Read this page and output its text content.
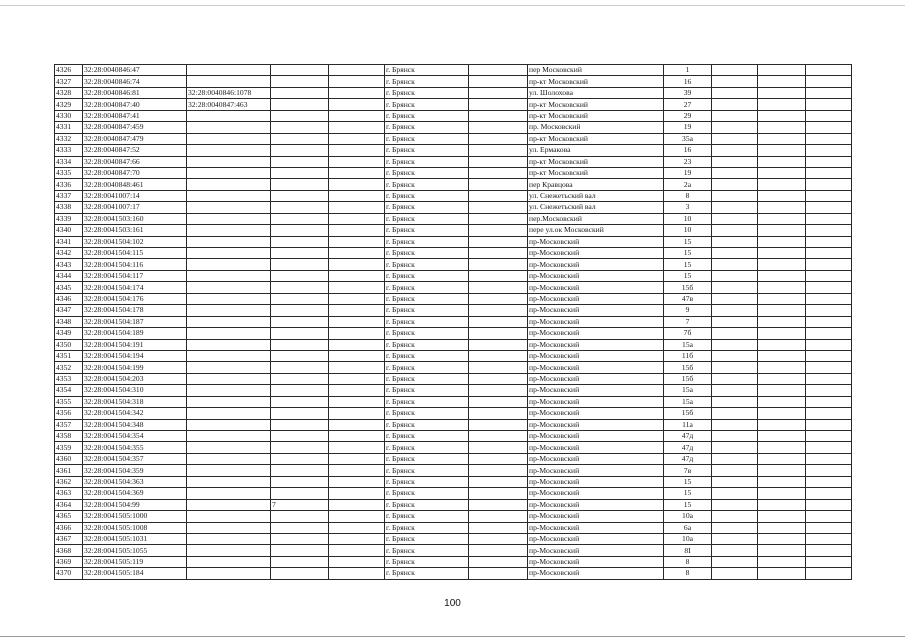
4326	32:28:0040846:47				г. Брянск		пер Московский	1			
4327	32:28:0040846:74				г. Брянск		пр-кт Московский	16			
4328	32:28:0040846:81	32:28:0040846:1078			г. Брянск		ул. Шолохова	39			
4329	32:28:0040847:40	32:28:0040847:463			г. Брянск		пр-кт Московский	27			
4330	32:28:0040847:41				г. Брянск		пр-кт Московский	29			
4331	32:28:0040847:459				г. Брянск		пр. Московский	19			
4332	32:28:0040847:479				г. Брянск		пр-кт Московский	35а			
4333	32:28:0040847:52				г. Брянск		ул. Ермакова	16			
4334	32:28:0040847:66				г. Брянск		пр-кт Московский	23			
4335	32:28:0040847:70				г. Брянск		пр-кт Московский	19			
4336	32:28:0040848:461				г. Брянск		пер Кравцова	2а			
4337	32:28:0041007:14				г. Брянск		ул. Снежетьский вал	8			
4338	32:28:0041007:17				г. Брянск		ул. Снежетьский вал	3			
4339	32:28:0041503:160				г. Брянск		пер.Московский	10			
4340	32:28:0041503:161				г. Брянск		пере ул.ок Московский	10			
4341	32:28:0041504:102				г. Брянск		пр-Московский	15			
4342	32:28:0041504:115				г. Брянск		пр-Московский	15			
4343	32:28:0041504:116				г. Брянск		пр-Московский	15			
4344	32:28:0041504:117				г. Брянск		пр-Московский	15			
4345	32:28:0041504:174				г. Брянск		пр-Московский	15б			
4346	32:28:0041504:176				г. Брянск		пр-Московский	47в			
4347	32:28:0041504:178				г. Брянск		пр-Московский	9			
4348	32:28:0041504:187				г. Брянск		пр-Московский	7			
4349	32:28:0041504:189				г. Брянск		пр-Московский	7б			
4350	32:28:0041504:191				г. Брянск		пр-Московский	15а			
4351	32:28:0041504:194				г. Брянск		пр-Московский	11б			
4352	32:28:0041504:199				г. Брянск		пр-Московский	15б			
4353	32:28:0041504:203				г. Брянск		пр-Московский	15б			
4354	32:28:0041504:310				г. Брянск		пр-Московский	15а			
4355	32:28:0041504:318				г. Брянск		пр-Московский	15а			
4356	32:28:0041504:342				г. Брянск		пр-Московский	15б			
4357	32:28:0041504:348				г. Брянск		пр-Московский	11а			
4358	32:28:0041504:354				г. Брянск		пр-Московский	47д			
4359	32:28:0041504:355				г. Брянск		пр-Московский	47д			
4360	32:28:0041504:357				г. Брянск		пр-Московский	47д			
4361	32:28:0041504:359				г. Брянск		пр-Московский	7в			
4362	32:28:0041504:363				г. Брянск		пр-Московский	15			
4363	32:28:0041504:369				г. Брянск		пр-Московский	15			
4364	32:28:0041504:99		7		г. Брянск		пр-Московский	15			
4365	32:28:0041505:1000				г. Брянск		пр-Московский	10а			
4366	32:28:0041505:1008				г. Брянск		пр-Московский	6а			
4367	32:28:0041505:1031				г. Брянск		пр-Московский	10а			
4368	32:28:0041505:1055				г. Брянск		пр-Московский	8I			
4369	32:28:0041505:119				г. Брянск		пр-Московский	8			
4370	32:28:0041505:184				г. Брянск		пр-Московский	8			
100
